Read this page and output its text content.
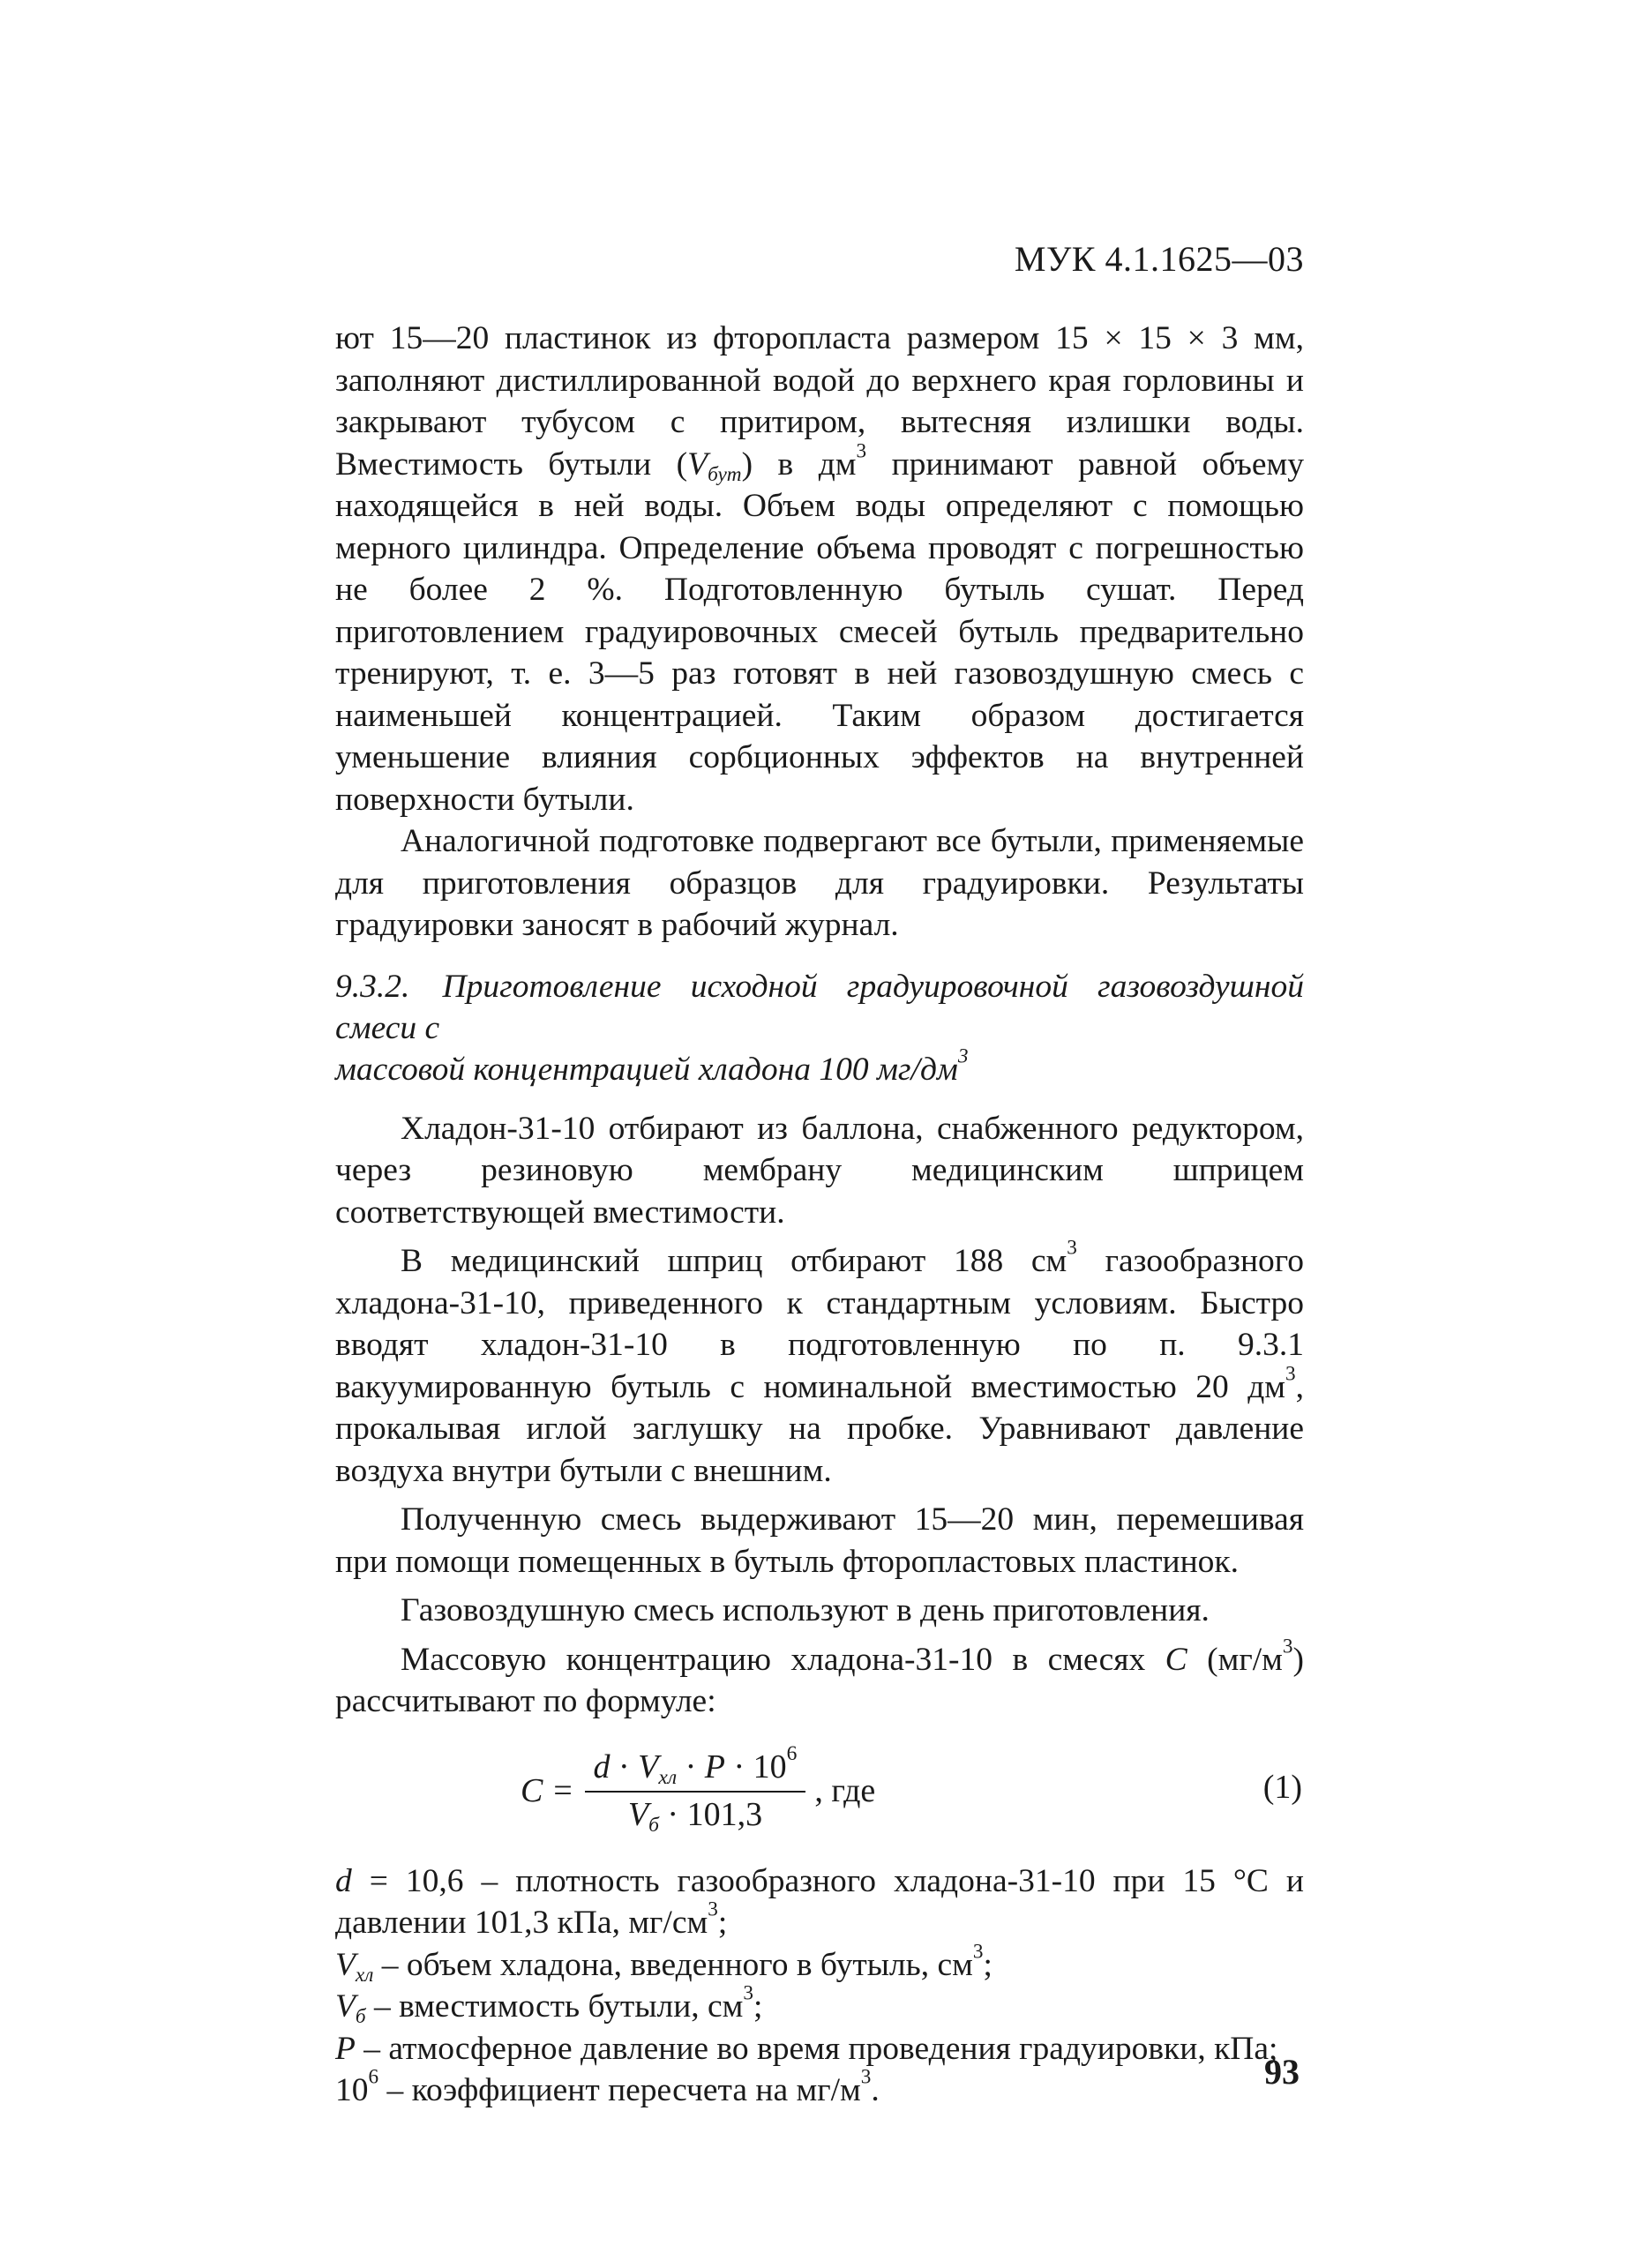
МУК 4.1.1625—03

ют 15—20 пластинок из фторопласта размером 15 × 15 × 3 мм, заполняют дистиллированной водой до верхнего края горловины и закрывают тубусом с притиром, вытесняя излишки воды. Вместимость бутыли $(V_{бут})$ в $дм^3$ принимают равной объему находящейся в ней воды. Объем воды определяют с помощью мерного цилиндра. Определение объема проводят с погрешностью не более 2 %. Подготовленную бутыль сушат. Перед приготовлением градуировочных смесей бутыль предварительно тренируют, т. е. 3—5 раз готовят в ней газовоздушную смесь с наименьшей концентрацией. Таким образом достигается уменьшение влияния сорбционных эффектов на внутренней поверхности бутыли.

Аналогичной подготовке подвергают все бутыли, применяемые для приготовления образцов для градуировки. Результаты градуировки заносят в рабочий журнал.

9.3.2. Приготовление исходной градуировочной газовоздушной смеси с
массовой концентрацией хладона 100 $мг/дм^3$

Хладон-31-10 отбирают из баллона, снабженного редуктором, через резиновую мембрану медицинским шприцем соответствующей вместимости.

В медицинский шприц отбирают 188 $см^3$ газообразного хладона-31-10, приведенного к стандартным условиям. Быстро вводят хладон-31-10 в подготовленную по п. 9.3.1 вакуумированную бутыль с номинальной вместимостью 20 $дм^3$, прокалывая иглой заглушку на пробке. Уравнивают давление воздуха внутри бутыли с внешним.

Полученную смесь выдерживают 15—20 мин, перемешивая при помощи помещенных в бутыль фторопластовых пластинок.

Газовоздушную смесь используют в день приготовления.

Массовую концентрацию хладона-31-10 в смесях C $(мг/м^3)$ рассчитывают по формуле:

$C = \frac{d \cdot V_{хл} \cdot P \cdot 10^6}{V_б \cdot 101,3}$ , где	(1)

d = 10,6 – плотность газообразного хладона-31-10 при 15 °С и давлении 101,3 кПа, $мг/см^3$;

$V_{хл}$ – объем хладона, введенного в бутыль, $см^3$;

$V_б$ – вместимость бутыли, $см^3$;

P – атмосферное давление во время проведения градуировки, кПа;

$10^6$ – коэффициент пересчета на $мг/м^3$.	93
